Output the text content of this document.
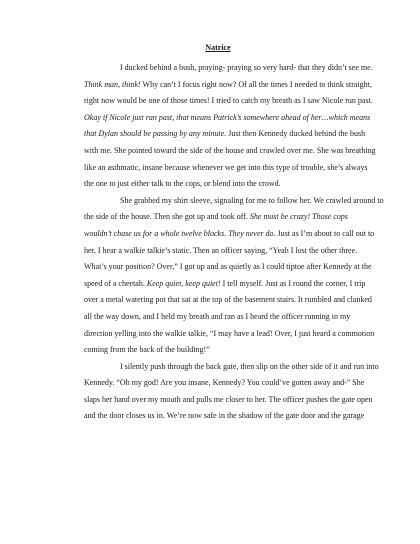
Natrice
I ducked behind a bush, praying- praying so very hard- that they didn’t see me.
Think man, think! Why can’t I focus right now? Of all the times I needed to think straight,
right now would be one of those times! I tried to catch my breath as I saw Nicole run past.
Okay if Nicole just ran past, that means Patrick’s somewhere ahead of her…which means
that Dylan should be passing by any minute. Just then Kennedy ducked behind the bush
with me. She pointed toward the side of the house and crawled over me. She was breathing
like an asthmatic, insane because whenever we get into this type of trouble, she’s always
the one to just either talk to the cops, or blend into the crowd.
She grabbed my shirt sleeve, signaling for me to follow her. We crawled around to
the side of the house. Then she got up and took off. She must be crazy! Those cops
wouldn’t chase us for a whole twelve blocks. They never do. Just as I’m about to call out to
her, I hear a walkie talkie’s static. Then an officer saying, “Yeah I lost the other three.
What’s your position? Over,” I got up and as quietly as I could tiptoe after Kennedy at the
speed of a cheetah. Keep quiet, keep quiet! I tell myself. Just as I round the corner, I trip
over a metal watering pot that sat at the top of the basement stairs. It rumbled and clanked
all the way down, and I held my breath and ran as I heard the officer running in my
direction yelling into the walkie talkie, “I may have a lead! Over, I just heard a commotion
coming from the back of the building!”
I silently push through the back gate, then slip on the other side of it and run into
Kennedy. “Oh my god! Are you insane, Kennedy? You could’ve gotten away and-” She
slaps her hand over my mouth and pulls me closer to her. The officer pushes the gate open
and the door closes us in. We’re now safe in the shadow of the gate door and the garage
